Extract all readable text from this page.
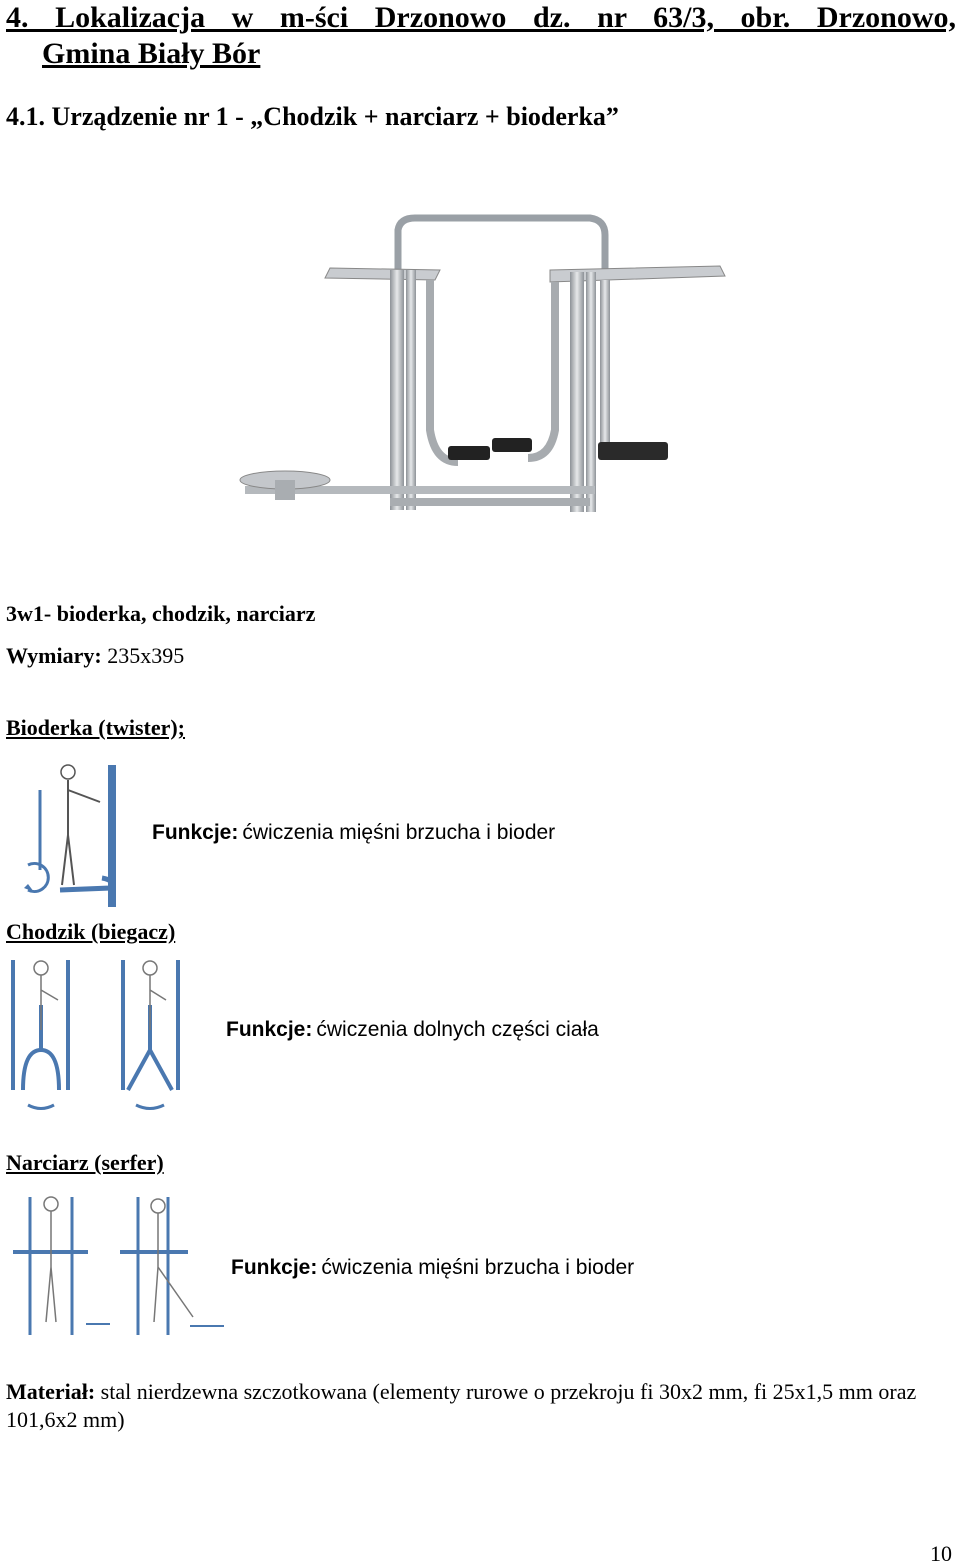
4. Lokalizacja w m-ści Drzonowo dz. nr 63/3, obr. Drzonowo,
Gmina Biały Bór
4.1. Urządzenie nr 1 - „Chodzik + narciarz + bioderka”
3w1- bioderka, chodzik, narciarz
Wymiary: 235x395
Bioderka (twister);
Funkcje: ćwiczenia mięśni brzucha i bioder
Chodzik (biegacz)
Funkcje: ćwiczenia dolnych części ciała
Narciarz (serfer)
Funkcje: ćwiczenia mięśni brzucha i bioder
Materiał: stal nierdzewna szczotkowana (elementy rurowe o przekroju fi 30x2 mm, fi 25x1,5 mm oraz 101,6x2 mm)
10
